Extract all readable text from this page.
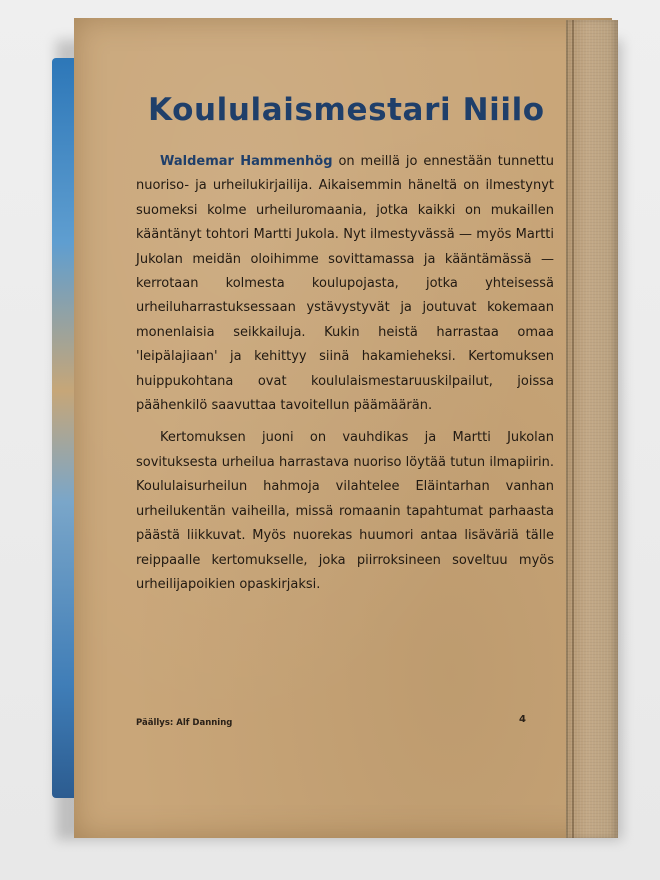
Koululaismestari Niilo

Waldemar Hammenhög on meillä jo ennestään tunnettu nuoriso- ja urheilukirjailija. Aikaisemmin häneltä on ilmestynyt suomeksi kolme urheiluromaania, jotka kaikki on mukaillen kääntänyt tohtori Martti Jukola. Nyt ilmestyvässä — myös Martti Jukolan meidän oloihimme sovittamassa ja kääntämässä — kerrotaan kolmesta koulupojasta, jotka yhteisessä urheiluharrastuksessaan ystävystyvät ja joutuvat kokemaan monenlaisia seikkailuja. Kukin heistä harrastaa omaa 'leipälajiaan' ja kehittyy siinä hakamieheksi. Kertomuksen huippukohtana ovat koululaismestaruuskilpailut, joissa päähenkilö saavuttaa tavoitellun päämäärän.

Kertomuksen juoni on vauhdikas ja Martti Jukolan sovituksesta urheilua harrastava nuoriso löytää tutun ilmapiirin. Koululaisurheilun hahmoja vilahtelee Eläintarhan vanhan urheilukentän vaiheilla, missä romaanin tapahtumat parhaasta päästä liikkuvat. Myös nuorekas huumori antaa lisäväriä tälle reippaalle kertomukselle, joka piirroksineen soveltuu myös urheilijapoikien opaskirjaksi.

Päällys: Alf Danning	4
